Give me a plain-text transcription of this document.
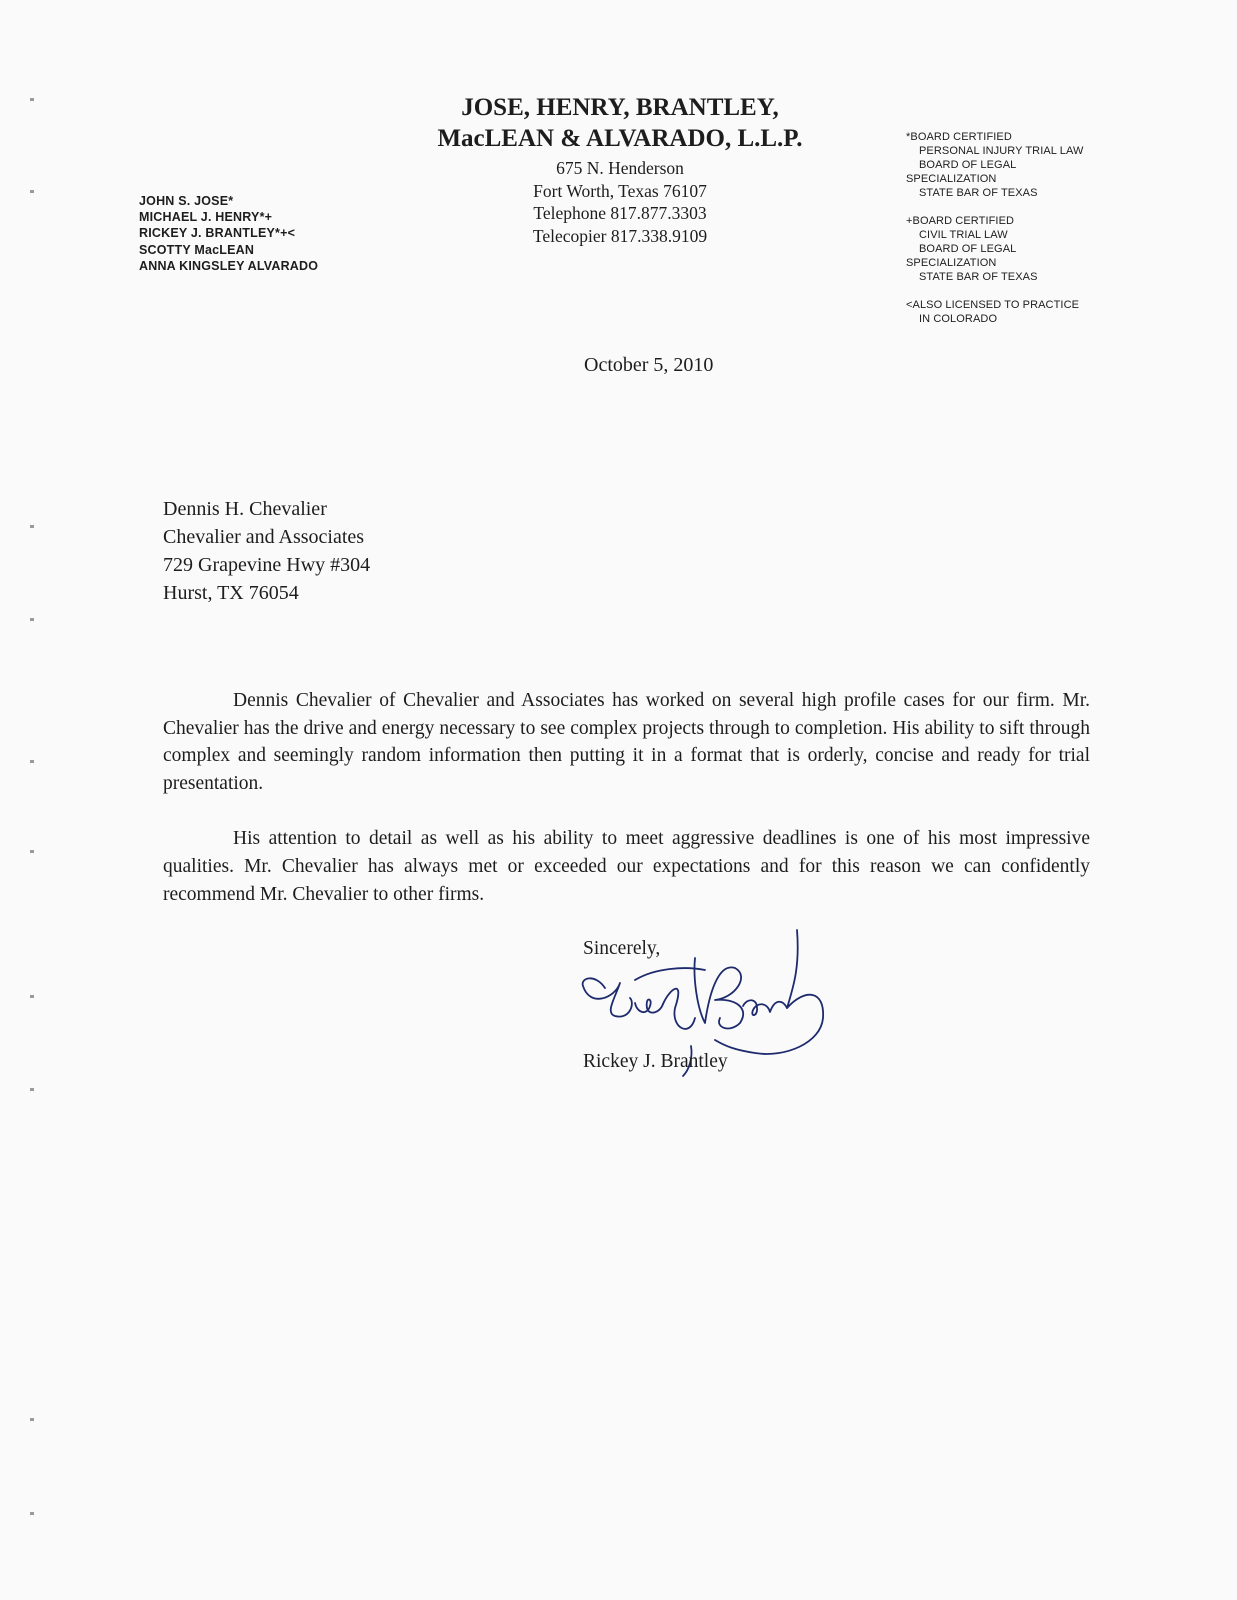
JOSE, HENRY, BRANTLEY,
MacLEAN & ALVARADO, L.L.P.
675 N. Henderson
Fort Worth, Texas 76107
Telephone 817.877.3303
Telecopier 817.338.9109
JOHN S. JOSE*
MICHAEL J. HENRY*+
RICKEY J. BRANTLEY*+<
SCOTTY MacLEAN
ANNA KINGSLEY ALVARADO
*BOARD CERTIFIED
PERSONAL INJURY TRIAL LAW
BOARD OF LEGAL
SPECIALIZATION
STATE BAR OF TEXAS
+BOARD CERTIFIED
CIVIL TRIAL LAW
BOARD OF LEGAL
SPECIALIZATION
STATE BAR OF TEXAS
<ALSO LICENSED TO PRACTICE
IN COLORADO
October 5, 2010
Dennis H. Chevalier
Chevalier and Associates
729 Grapevine Hwy #304
Hurst, TX 76054

Dennis Chevalier of Chevalier and Associates has worked on several high profile cases for our firm. Mr. Chevalier has the drive and energy necessary to see complex projects through to completion. His ability to sift through complex and seemingly random information then putting it in a format that is orderly, concise and ready for trial presentation.

His attention to detail as well as his ability to meet aggressive deadlines is one of his most impressive qualities. Mr. Chevalier has always met or exceeded our expectations and for this reason we can confidently recommend Mr. Chevalier to other firms.

Sincerely,
Rickey J. Brantley
